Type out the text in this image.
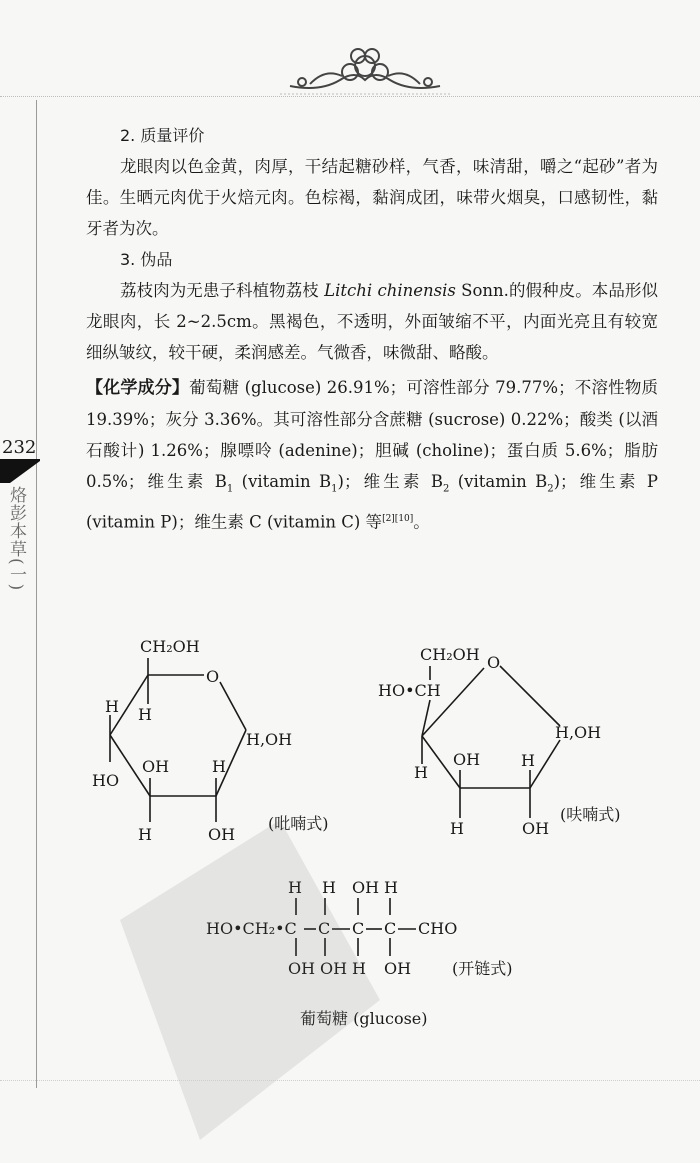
232
烙彭本草(一)

2. 质量评价

龙眼肉以色金黄，肉厚，干结起糖砂样，气香，味清甜，嚼之“起砂”者为佳。生晒元肉优于火焙元肉。色棕褐，黏润成团，味带火烟臭，口感韧性，黏牙者为次。

3. 伪品

荔枝肉为无患子科植物荔枝 Litchi chinensis Sonn.的假种皮。本品形似龙眼肉，长 2~2.5cm。黑褐色，不透明，外面皱缩不平，内面光亮且有较宽细纵皱纹，较干硬，柔润感差。气微香，味微甜、略酸。

【化学成分】葡萄糖 (glucose) 26.91%；可溶性部分 79.77%；不溶性物质 19.39%；灰分 3.36%。其可溶性部分含蔗糖 (sucrose) 0.22%；酸类 (以酒石酸计) 1.26%；腺嘌呤 (adenine)；胆碱 (choline)；蛋白质 5.6%；脂肪 0.5%；维生素 $B_1$ (vitamin $B_1$)；维生素 $B_2$ (vitamin $B_2$)；维生素 P (vitamin P)；维生素 C (vitamin C) 等[2][10]。

CH₂OH
O
H H
H,OH
HO
OH	H
H	OH
(吡喃式)
CH₂OH O
HO•CH
H,OH
H
OH	H
H	OH
(呋喃式)
H H OH H
HO•CH₂•C C C C CHO
OH OH H OH	(开链式)
葡萄糖 (glucose)
